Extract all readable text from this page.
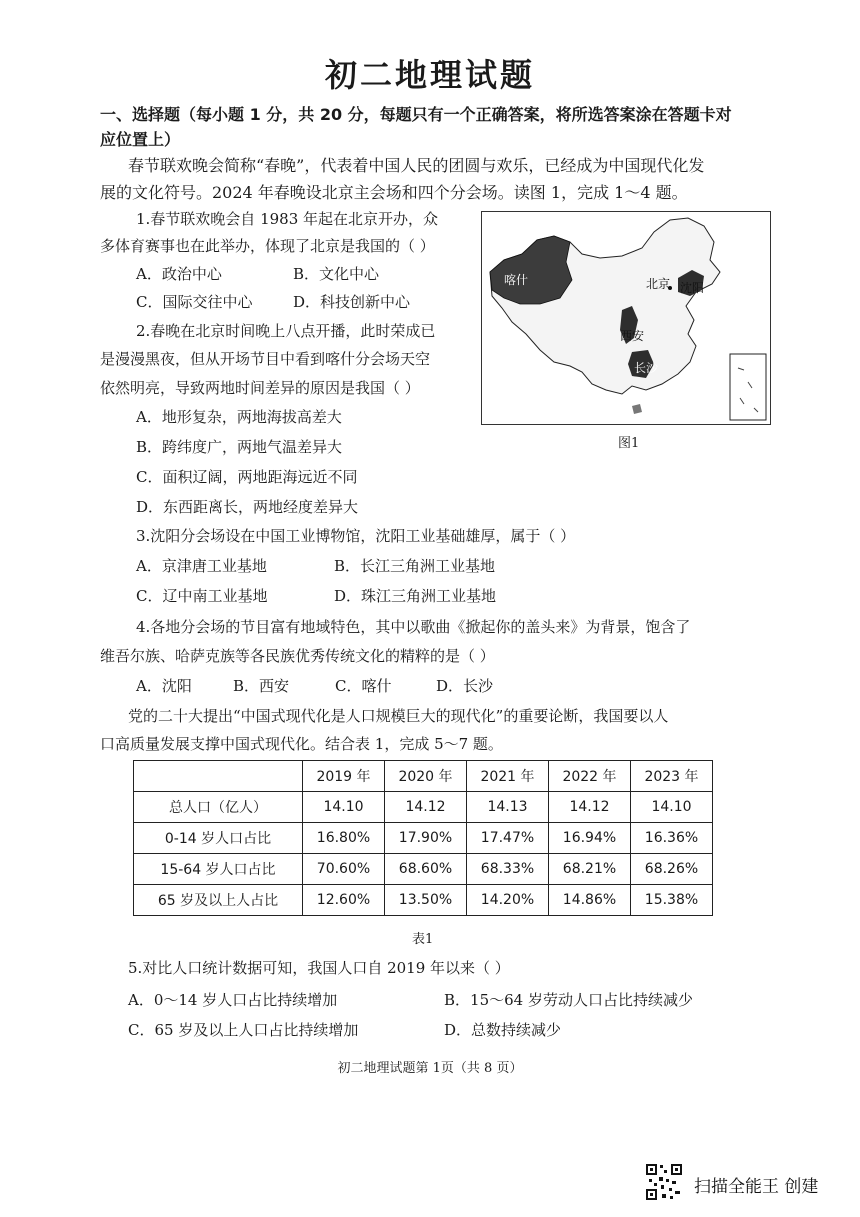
初二地理试题
一、选择题（每小题 1 分，共 20 分，每题只有一个正确答案，将所选答案涂在答题卡对
应位置上）
春节联欢晚会简称“春晚”，代表着中国人民的团圆与欢乐，已经成为中国现代化发
展的文化符号。2024 年春晚设北京主会场和四个分会场。读图 1，完成 1～4 题。
1.春节联欢晚会自 1983 年起在北京开办，众
多体育赛事也在此举办，体现了北京是我国的（ ）
A．政治中心	B．文化中心
C．国际交往中心	D．科技创新中心
2.春晚在北京时间晚上八点开播，此时荣成已
是漫漫黑夜，但从开场节目中看到喀什分会场天空
依然明亮，导致两地时间差异的原因是我国（ ）
A．地形复杂，两地海拔高差大
B．跨纬度广，两地气温差异大
C．面积辽阔，两地距海远近不同
D．东西距离长，两地经度差异大
喀什	北京 沈阳
西安
长沙
图1
3.沈阳分会场设在中国工业博物馆，沈阳工业基础雄厚，属于（ ）
A．京津唐工业基地	B．长江三角洲工业基地
C．辽中南工业基地	D．珠江三角洲工业基地
4.各地分会场的节目富有地域特色，其中以歌曲《掀起你的盖头来》为背景，饱含了
维吾尔族、哈萨克族等各民族优秀传统文化的精粹的是（ ）
A．沈阳	B．西安	C．喀什	D．长沙
党的二十大提出“中国式现代化是人口规模巨大的现代化”的重要论断，我国要以人
口高质量发展支撑中国式现代化。结合表 1，完成 5～7 题。
	2019 年	2020 年	2021 年	2022 年	2023 年
总人口（亿人）	14.10	14.12	14.13	14.12	14.10
0-14 岁人口占比	16.80%	17.90%	17.47%	16.94%	16.36%
15-64 岁人口占比	70.60%	68.60%	68.33%	68.21%	68.26%
65 岁及以上人占比	12.60%	13.50%	14.20%	14.86%	15.38%
表1
5.对比人口统计数据可知，我国人口自 2019 年以来（ ）
A．0～14 岁人口占比持续增加	B．15～64 岁劳动人口占比持续减少
C．65 岁及以上人口占比持续增加	D．总数持续减少
初二地理试题第 1页（共 8 页）
扫描全能王 创建
